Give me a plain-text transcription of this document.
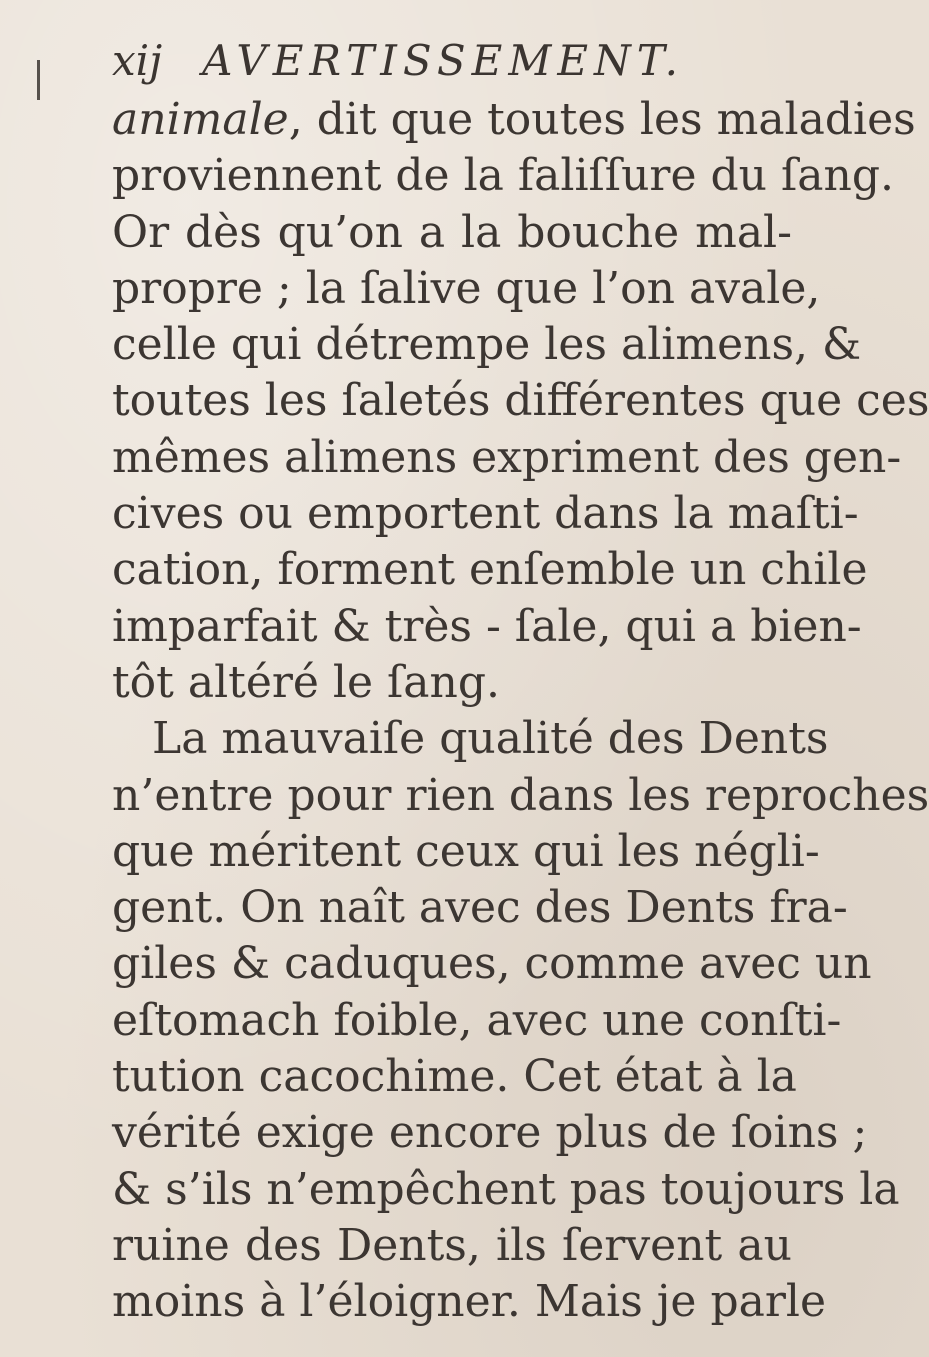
xij AVERTISSEMENT.
animale, dit que toutes les maladies
proviennent de la faliſſure du ſang.
Or dès qu’on a la bouche mal-
propre ; la ſalive que l’on avale,
celle qui détrempe les alimens, &
toutes les ſaletés différentes que ces
mêmes alimens expriment des gen-
cives ou emportent dans la maſti-
cation, forment enſemble un chile
imparfait & très - ſale, qui a bien-
tôt altéré le ſang.
La mauvaiſe qualité des Dents
n’entre pour rien dans les reproches
que méritent ceux qui les négli-
gent. On naît avec des Dents fra-
giles & caduques, comme avec un
eſtomach foible, avec une conſti-
tution cacochime. Cet état à la
vérité exige encore plus de ſoins ;
& s’ils n’empêchent pas toujours la
ruine des Dents, ils ſervent au
moins à l’éloigner. Mais je parle
